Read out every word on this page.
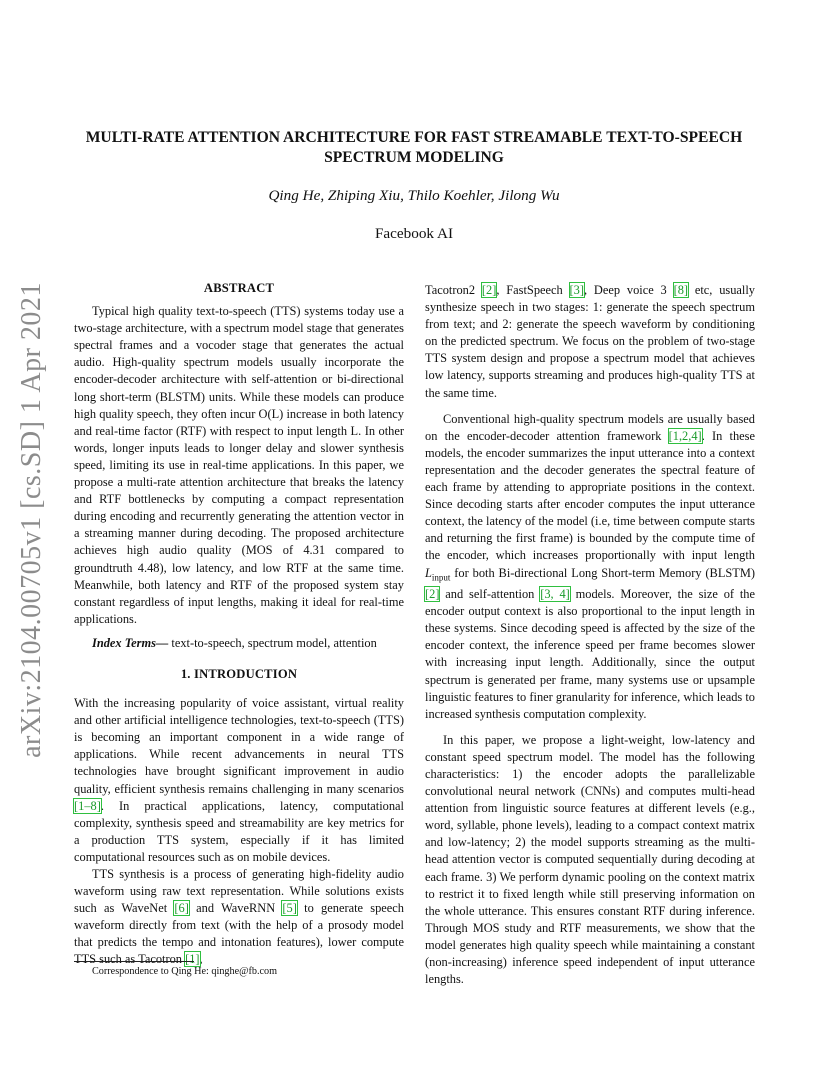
arXiv:2104.00705v1 [cs.SD] 1 Apr 2021
MULTI-RATE ATTENTION ARCHITECTURE FOR FAST STREAMABLE TEXT-TO-SPEECH
SPECTRUM MODELING

Qing He, Zhiping Xiu, Thilo Koehler, Jilong Wu

Facebook AI

ABSTRACT

Typical high quality text-to-speech (TTS) systems today use a two-stage architecture, with a spectrum model stage that generates spectral frames and a vocoder stage that generates the actual audio. High-quality spectrum models usually incorporate the encoder-decoder architecture with self-attention or bi-directional long short-term (BLSTM) units. While these models can produce high quality speech, they often incur O(L) increase in both latency and real-time factor (RTF) with respect to input length L. In other words, longer inputs leads to longer delay and slower synthesis speed, limiting its use in real-time applications. In this paper, we propose a multi-rate attention architecture that breaks the latency and RTF bottlenecks by computing a compact representation during encoding and recurrently generating the attention vector in a streaming manner during decoding. The proposed architecture achieves high audio quality (MOS of 4.31 compared to groundtruth 4.48), low latency, and low RTF at the same time. Meanwhile, both latency and RTF of the proposed system stay constant regardless of input lengths, making it ideal for real-time applications.

Index Terms— text-to-speech, spectrum model, attention

1. INTRODUCTION

With the increasing popularity of voice assistant, virtual reality and other artificial intelligence technologies, text-to-speech (TTS) is becoming an important component in a wide range of applications. While recent advancements in neural TTS technologies have brought significant improvement in audio quality, efficient synthesis remains challenging in many scenarios [1–8]. In practical applications, latency, computational complexity, synthesis speed and streamability are key metrics for a production TTS system, especially if it has limited computational resources such as on mobile devices.

TTS synthesis is a process of generating high-fidelity audio waveform using raw text representation. While solutions exists such as WaveNet [6] and WaveRNN [5] to generate speech waveform directly from text (with the help of a prosody model that predicts the tempo and intonation features), lower compute TTS such as Tacotron [1],

Tacotron2 [2], FastSpeech [3], Deep voice 3 [8] etc, usually synthesize speech in two stages: 1: generate the speech spectrum from text; and 2: generate the speech waveform by conditioning on the predicted spectrum. We focus on the problem of two-stage TTS system design and propose a spectrum model that achieves low latency, supports streaming and produces high-quality TTS at the same time.

Conventional high-quality spectrum models are usually based on the encoder-decoder attention framework [1,2,4]. In these models, the encoder summarizes the input utterance into a context representation and the decoder generates the spectral feature of each frame by attending to appropriate positions in the context. Since decoding starts after encoder computes the input utterance context, the latency of the model (i.e, time between compute starts and returning the first frame) is bounded by the compute time of the encoder, which increases proportionally with input length $L_{input}$ for both Bi-directional Long Short-term Memory (BLSTM) [2] and self-attention [3, 4] models. Moreover, the size of the encoder output context is also proportional to the input length in these systems. Since decoding speed is affected by the size of the encoder context, the inference speed per frame becomes slower with increasing input length. Additionally, since the output spectrum is generated per frame, many systems use or upsample linguistic features to finer granularity for inference, which leads to increased synthesis computation complexity.

In this paper, we propose a light-weight, low-latency and constant speed spectrum model. The model has the following characteristics: 1) the encoder adopts the parallelizable convolutional neural network (CNNs) and computes multi-head attention from linguistic source features at different levels (e.g., word, syllable, phone levels), leading to a compact context matrix and low-latency; 2) the model supports streaming as the multi-head attention vector is computed sequentially during decoding at each frame. 3) We perform dynamic pooling on the context matrix to restrict it to fixed length while still preserving information on the whole utterance. This ensures constant RTF during inference. Through MOS study and RTF measurements, we show that the model generates high quality speech while maintaining a constant (non-increasing) inference speed independent of input utterance lengths.

Correspondence to Qing He: qinghe@fb.com
